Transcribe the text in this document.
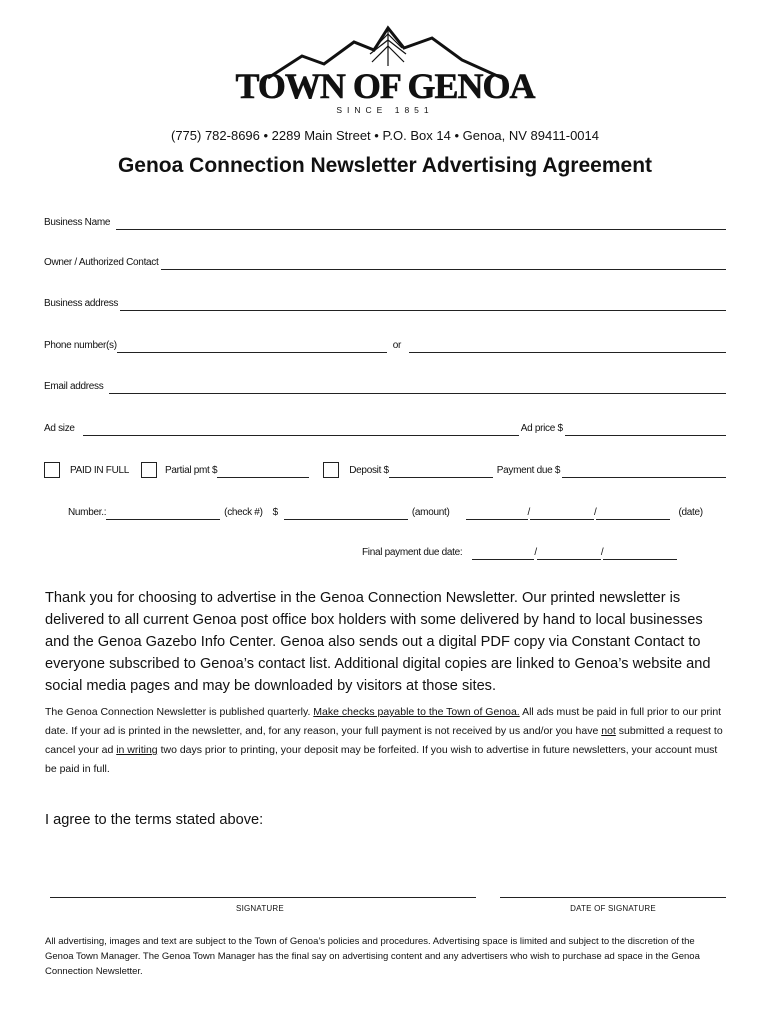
TOWN OF GENOA
SINCE 1851
(775) 782-8696 • 2289 Main Street • P.O. Box 14 • Genoa, NV 89411-0014
Genoa Connection Newsletter Advertising Agreement
Business Name
Owner / Authorized Contact
Business address
Phone number(s)	or
Email address
Ad size	Ad price $
PAID IN FULL	Partial pmt $	Deposit $	Payment due $
Number.:	(check #)	$	(amount)	/	/	(date)
Final payment due date:	/	/
Thank you for choosing to advertise in the Genoa Connection Newsletter. Our printed newsletter is delivered to all current Genoa post office box holders with some delivered by hand to local businesses and the Genoa Gazebo Info Center. Genoa also sends out a digital PDF copy via Constant Contact to everyone subscribed to Genoa’s contact list. Additional digital copies are linked to Genoa’s website and social media pages and may be downloaded by visitors at those sites.
The Genoa Connection Newsletter is published quarterly. Make checks payable to the Town of Genoa. All ads must be paid in full prior to our print date. If your ad is printed in the newsletter, and, for any reason, your full payment is not received by us and/or you have not submitted a request to cancel your ad in writing two days prior to printing, your deposit may be forfeited. If you wish to advertise in future newsletters, your account must be paid in full.
I agree to the terms stated above:
SIGNATURE	DATE OF SIGNATURE
All advertising, images and text are subject to the Town of Genoa’s policies and procedures. Advertising space is limited and subject to the discretion of the Genoa Town Manager. The Genoa Town Manager has the final say on advertising content and any advertisers who wish to purchase ad space in the Genoa Connection Newsletter.
